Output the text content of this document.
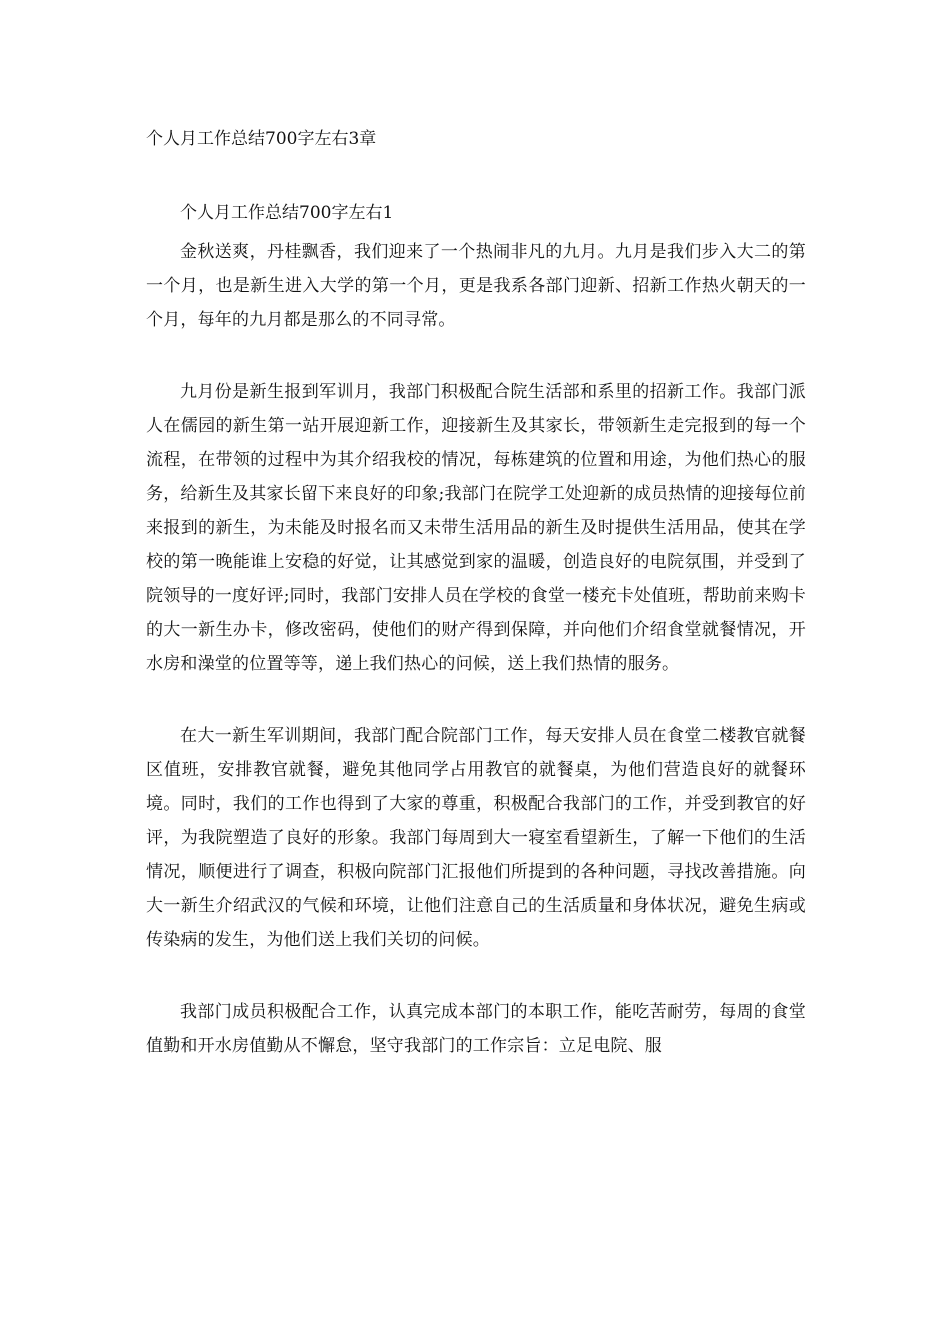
个人月工作总结700字左右3章
个人月工作总结700字左右1

金秋送爽，丹桂飘香，我们迎来了一个热闹非凡的九月。九月是我们步入大二的第一个月，也是新生进入大学的第一个月，更是我系各部门迎新、招新工作热火朝天的一个月，每年的九月都是那么的不同寻常。

九月份是新生报到军训月，我部门积极配合院生活部和系里的招新工作。我部门派人在儒园的新生第一站开展迎新工作，迎接新生及其家长，带领新生走完报到的每一个流程，在带领的过程中为其介绍我校的情况，每栋建筑的位置和用途，为他们热心的服务，给新生及其家长留下来良好的印象;我部门在院学工处迎新的成员热情的迎接每位前来报到的新生，为未能及时报名而又未带生活用品的新生及时提供生活用品，使其在学校的第一晚能谁上安稳的好觉，让其感觉到家的温暖，创造良好的电院氛围，并受到了院领导的一度好评;同时，我部门安排人员在学校的食堂一楼充卡处值班，帮助前来购卡的大一新生办卡，修改密码，使他们的财产得到保障，并向他们介绍食堂就餐情况，开水房和澡堂的位置等等，递上我们热心的问候，送上我们热情的服务。

在大一新生军训期间，我部门配合院部门工作，每天安排人员在食堂二楼教官就餐区值班，安排教官就餐，避免其他同学占用教官的就餐桌，为他们营造良好的就餐环境。同时，我们的工作也得到了大家的尊重，积极配合我部门的工作，并受到教官的好评，为我院塑造了良好的形象。我部门每周到大一寝室看望新生，了解一下他们的生活情况，顺便进行了调查，积极向院部门汇报他们所提到的各种问题，寻找改善措施。向大一新生介绍武汉的气候和环境，让他们注意自己的生活质量和身体状况，避免生病或传染病的发生，为他们送上我们关切的问候。

我部门成员积极配合工作，认真完成本部门的本职工作，能吃苦耐劳，每周的食堂值勤和开水房值勤从不懈怠，坚守我部门的工作宗旨：立足电院、服
